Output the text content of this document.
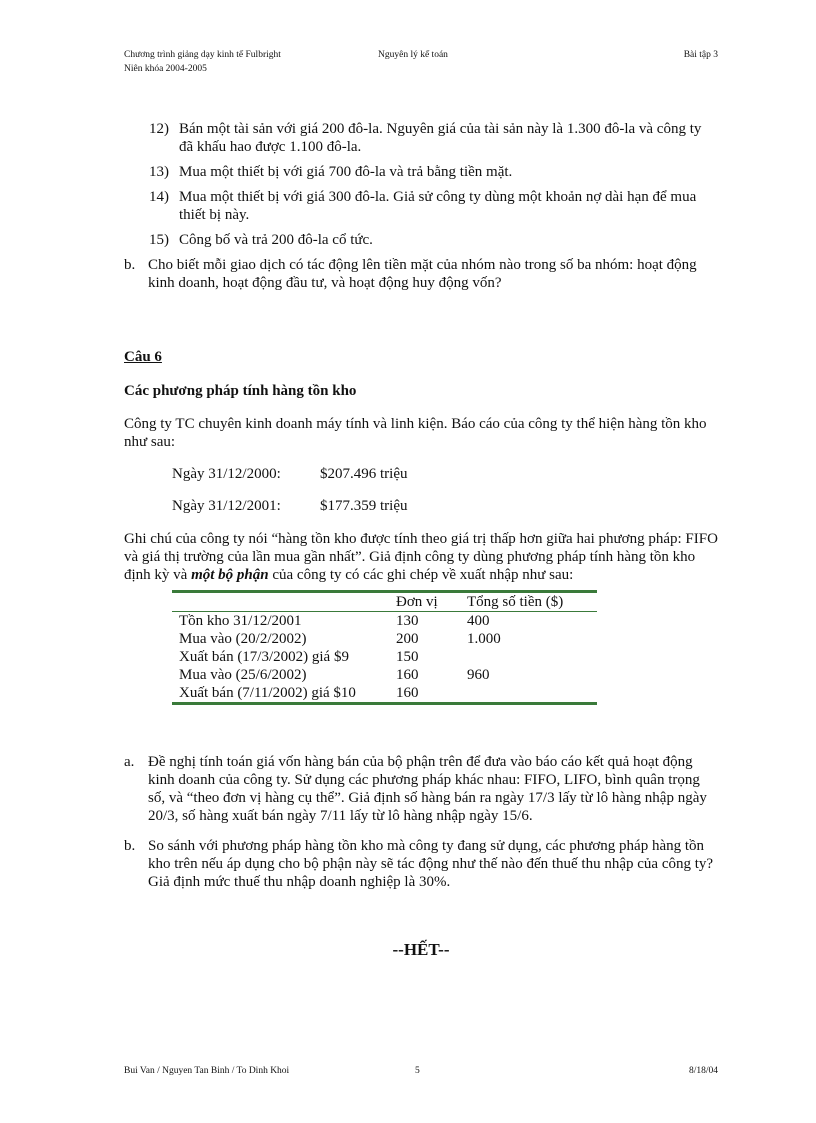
Chương trình giảng dạy kinh tế Fulbright
Niên khóa 2004-2005
Nguyên lý kế toán	Bài tập 3
12) Bán một tài sản với giá 200 đô-la. Nguyên giá của tài sản này là 1.300 đô-la và công ty đã khấu hao được 1.100 đô-la.
13) Mua một thiết bị với giá 700 đô-la và trả bằng tiền mặt.
14) Mua một thiết bị với giá 300 đô-la. Giả sử công ty dùng một khoản nợ dài hạn để mua thiết bị này.
15) Công bố và trả 200 đô-la cổ tức.
b. Cho biết mỗi giao dịch có tác động lên tiền mặt của nhóm nào trong số ba nhóm: hoạt động kinh doanh, hoạt động đầu tư, và hoạt động huy động vốn?
Câu 6
Các phương pháp tính hàng tồn kho

Công ty TC chuyên kinh doanh máy tính và linh kiện. Báo cáo của công ty thể hiện hàng tồn kho như sau:

Ngày 31/12/2000:	$207.496 triệu
Ngày 31/12/2001:	$177.359 triệu

Ghi chú của công ty nói “hàng tồn kho được tính theo giá trị thấp hơn giữa hai phương pháp: FIFO và giá thị trường của lần mua gần nhất”. Giả định công ty dùng phương pháp tính hàng tồn kho định kỳ và một bộ phận của công ty có các ghi chép về xuất nhập như sau:

	Đơn vị	Tổng số tiền ($)
Tồn kho 31/12/2001	130	400
Mua vào (20/2/2002)	200	1.000
Xuất bán (17/3/2002) giá $9	150	
Mua vào (25/6/2002)	160	960
Xuất bán (7/11/2002) giá $10	160	
a. Đề nghị tính toán giá vốn hàng bán của bộ phận trên để đưa vào báo cáo kết quả hoạt động kinh doanh của công ty. Sử dụng các phương pháp khác nhau: FIFO, LIFO, bình quân trọng số, và “theo đơn vị hàng cụ thể”. Giả định số hàng bán ra ngày 17/3 lấy từ lô hàng nhập ngày 20/3, số hàng xuất bán ngày 7/11 lấy từ lô hàng nhập ngày 15/6.
b. So sánh với phương pháp hàng tồn kho mà công ty đang sử dụng, các phương pháp hàng tồn kho trên nếu áp dụng cho bộ phận này sẽ tác động như thế nào đến thuế thu nhập của công ty? Giả định mức thuế thu nhập doanh nghiệp là 30%.
--HẾT--
Bui Van / Nguyen Tan Binh / To Dinh Khoi	5	8/18/04
